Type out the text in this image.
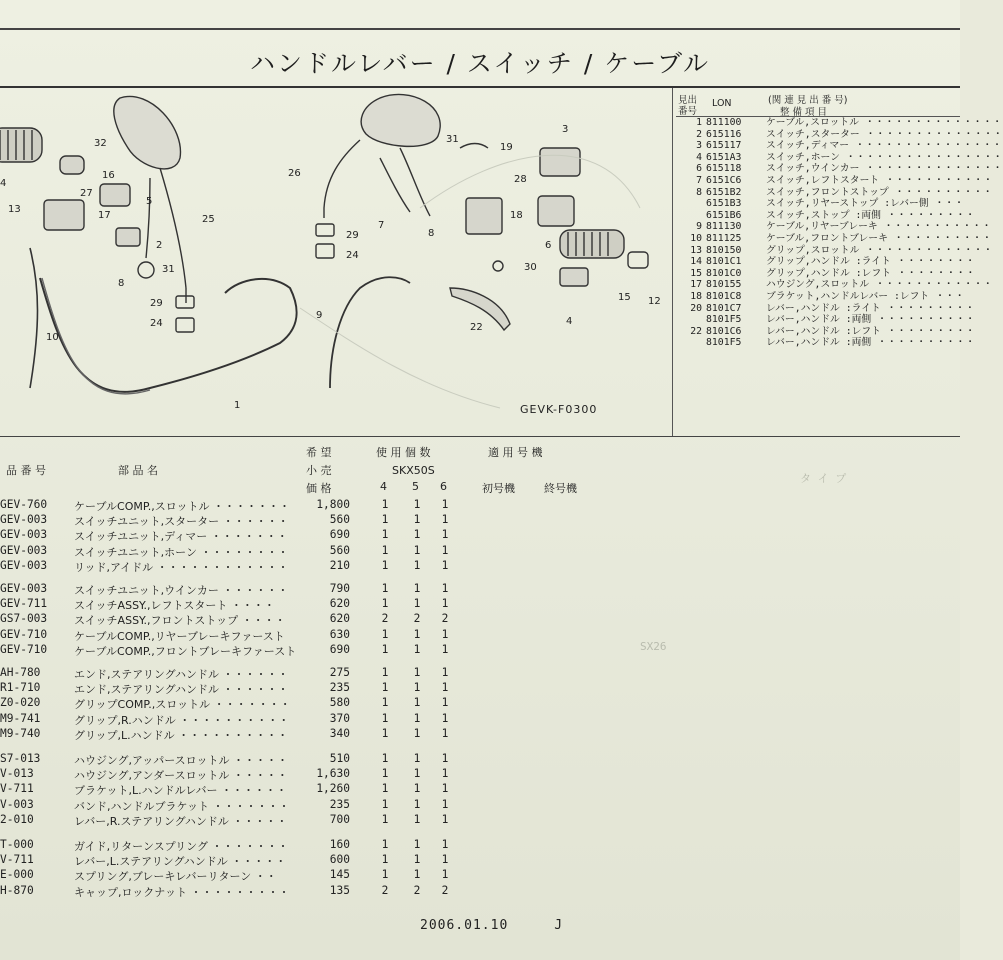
ハンドルレバー / スイッチ / ケーブル
32
4
16
27
13
5
17	25
2
31
8
29
24
10
3
26
31
19
28
7
8
18
6
30
15 12
9
22
4
1
29
24
GEVK-F0300
見出
番号
LON	(関 連 見 出 番 号)
整 備 項 目
1 811100	ケーブル,スロットル ・・・・・・・・・・・・・・
2 615116	スイッチ,スターター ・・・・・・・・・・・・・・
3 615117	スイッチ,ディマー ・・・・・・・・・・・・・・・
4 6151A3	スイッチ,ホーン ・・・・・・・・・・・・・・・・
6 615118	スイッチ,ウインカー ・・・・・・・・・・・・・・
7 6151C6	スイッチ,レフトスタート ・・・・・・・・・・・
8 6151B2	スイッチ,フロントストップ ・・・・・・・・・・
6151B3	スイッチ,リヤーストップ :レバー側 ・・・
6151B6	スイッチ,ストップ :両側 ・・・・・・・・・
9 811130	ケーブル,リヤーブレーキ ・・・・・・・・・・・
10 811125	ケーブル,フロントブレーキ ・・・・・・・・・・
13 810150	グリップ,スロットル ・・・・・・・・・・・・・
14 8101C1	グリップ,ハンドル :ライト ・・・・・・・・
15 8101C0	グリップ,ハンドル :レフト ・・・・・・・・
17 810155	ハウジング,スロットル ・・・・・・・・・・・・
18 8101C8	ブラケット,ハンドルレバー :レフト ・・・
20 8101C7	レバー,ハンドル :ライト ・・・・・・・・・
8101F5	レバー,ハンドル :両側 ・・・・・・・・・・
22 8101C6	レバー,ハンドル :レフト ・・・・・・・・・
8101F5	レバー,ハンドル :両側 ・・・・・・・・・・
品 番 号	部 品 名
希 望
小 売
価 格
使 用 個 数
SKX50S
4 5 6
適 用 号 機
初号機	終号機
タ イ プ
SX26
GEV-760 ケーブルCOMP.,スロットル ・・・・・・・	1,800	1	1	1
GEV-003 スイッチユニット,スターター ・・・・・・	560	1	1	1
GEV-003 スイッチユニット,ディマー ・・・・・・・	690	1	1	1
GEV-003 スイッチユニット,ホーン ・・・・・・・・	560	1	1	1
GEV-003 リッド,アイドル ・・・・・・・・・・・・	210	1	1	1
GEV-003 スイッチユニット,ウインカー ・・・・・・	790	1	1	1
GEV-711 スイッチASSY.,レフトスタート ・・・・	620	1	1	1
GS7-003 スイッチASSY.,フロントストップ ・・・・	620	2	2	2
GEV-710 ケーブルCOMP.,リヤーブレーキファースト	630	1	1	1
GEV-710 ケーブルCOMP.,フロントブレーキファースト	690	1	1	1
AH-780	エンド,ステアリングハンドル ・・・・・・	275	1	1	1
R1-710	エンド,ステアリングハンドル ・・・・・・	235	1	1	1
Z0-020	グリップCOMP.,スロットル ・・・・・・・	580	1	1	1
M9-741	グリップ,R.ハンドル ・・・・・・・・・・	370	1	1	1
M9-740	グリップ,L.ハンドル ・・・・・・・・・・	340	1	1	1
S7-013	ハウジング,アッパースロットル ・・・・・	510	1	1	1
V-013	ハウジング,アンダースロットル ・・・・・	1,630	1	1	1
V-711	ブラケット,L.ハンドルレバー ・・・・・・	1,260	1	1	1
V-003	バンド,ハンドルブラケット ・・・・・・・	235	1	1	1
2-010	レバー,R.ステアリングハンドル ・・・・・	700	1	1	1
T-000	ガイド,リターンスプリング ・・・・・・・	160	1	1	1
V-711	レバー,L.ステアリングハンドル ・・・・・	600	1	1	1
E-000	スプリング,ブレーキレバーリターン ・・	145	1	1	1
H-870	キャップ,ロックナット ・・・・・・・・・	135	2	2	2
2006.01.10	J
